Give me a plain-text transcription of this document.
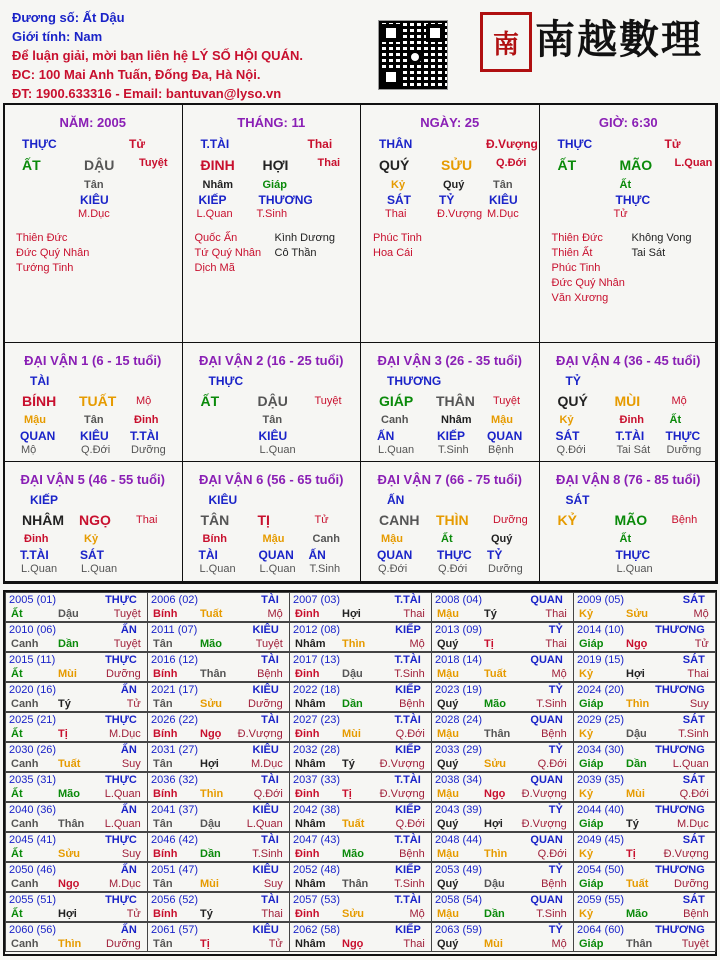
Đương số: Ất Dậu
Giới tính: Nam
Để luận giải, mời bạn liên hệ LÝ SỐ HỘI QUÁN.
ĐC: 100 Mai Anh Tuấn, Đống Đa, Hà Nội.
ĐT: 1900.633316 - Email: bantuvan@lyso.vn
南 南越數理
NĂM: 2005
THỰC	Tử
ẤT	DẬU Tuyệt
Tân
KIÊU
M.Dục
Thiên Đức
Đức Quý Nhân
Tướng Tinh
THÁNG: 11
T.TÀI	Thai
ĐINH HỢI	Thai
Nhâm	Giáp
KIẾP	THƯƠNG
L.Quan T.Sinh
Quốc Ấn
Tứ Quý Nhân
Dịch Mã
Kình Dương
Cô Thần
NGÀY: 25
THÂN	Đ.Vượng
QUÝ SỬU Q.Đới
Kỷ	Quý	Tân
SÁT TỶ	KIÊU
Thai	Đ.Vượng M.Dục
Phúc Tinh
Hoa Cái
GIỜ: 6:30
THỰC	Tử
ẤT	MÃO L.Quan
Ất
THỰC
Tử
Thiên Đức
Thiên Ất
Phúc Tinh
Đức Quý Nhân
Văn Xương
Không Vong
Tai Sát
ĐẠI VẬN 1 (6 - 15 tuổi)
TÀI
BÍNH TUẤT Mộ
Mậu	Tân	Đinh
QUAN KIÊU T.TÀI
Mộ	Q.Đới Dưỡng
ĐẠI VẬN 2 (16 - 25 tuổi)
THỰC
ẤT	DẬU Tuyệt
Tân
KIÊU
L.Quan
ĐẠI VẬN 3 (26 - 35 tuổi)
THƯƠNG
GIÁP THÂN Tuyệt
Canh	Nhâm Mậu
ẤN	KIẾP QUAN
L.Quan T.Sinh Bệnh
ĐẠI VẬN 4 (36 - 45 tuổi)
TỶ
QUÝ MÙI	Mộ
Kỷ	Đinh Ất
SÁT	T.TÀI THỰC
Q.Đới	Tai Sát Dưỡng
ĐẠI VẬN 5 (46 - 55 tuổi)
KIẾP
NHÂM NGỌ Thai
Đinh	Kỷ
T.TÀI	SÁT
L.Quan L.Quan
ĐẠI VẬN 6 (56 - 65 tuổi)
KIÊU
TÂN TỊ	Tử
Bính	Mậu	Canh
TÀI	QUAN ẤN
L.Quan L.Quan T.Sinh
ĐẠI VẬN 7 (66 - 75 tuổi)
ẤN
CANH THÌN Dưỡng
Mậu	Ất	Quý
QUAN THỰC TỶ
Q.Đới	Q.Đới Dưỡng
ĐẠI VẬN 8 (76 - 85 tuổi)
SÁT
KỶ	MÃO Bệnh
Ất
THỰC
L.Quan
2005 (01)	THỰC
Ất	Dậu	Tuyệt
2006 (02)	TÀI
Bính Tuất	Mộ
2007 (03)	T.TÀI
Đinh Hợi	Thai
2008 (04)	QUAN
Mậu Tý	Thai
2009 (05)	SÁT
Kỷ	Sửu	Mộ
2010 (06)	ẤN
Canh Dần	Tuyệt
2011 (07)	KIÊU
Tân Mão	Tuyệt
2012 (08)	KIẾP
Nhâm Thìn	Mộ
2013 (09)	TỶ
Quý Tị	Thai
2014 (10)	THƯƠNG
Giáp Ngọ	Tử
2015 (11)	THỰC
Ất	Mùi	Dưỡng
2016 (12)	TÀI
Bính Thân	Bệnh
2017 (13)	T.TÀI
Đinh Dậu	T.Sinh
2018 (14)	QUAN
Mậu Tuất	Mộ
2019 (15)	SÁT
Kỷ	Hợi	Thai
2020 (16)	ẤN
Canh Tý	Tử
2021 (17)	KIÊU
Tân Sửu Dưỡng
2022 (18)	KIẾP
Nhâm Dần	Bệnh
2023 (19)	TỶ
Quý Mão	T.Sinh
2024 (20)	THƯƠNG
Giáp Thìn	Suy
2025 (21)	THỰC
Ất	Tị	M.Dục
2026 (22)	TÀI
Bính Ngọ Đ.Vượng
2027 (23)	T.TÀI
Đinh Mùi	Q.Đới
2028 (24)	QUAN
Mậu Thân	Bệnh
2029 (25)	SÁT
Kỷ	Dậu	T.Sinh
2030 (26)	ẤN
Canh Tuất	Suy
2031 (27)	KIÊU
Tân Hợi	M.Dục
2032 (28)	KIẾP
Nhâm Tý Đ.Vượng
2033 (29)	TỶ
Quý Sửu	Q.Đới
2034 (30)	THƯƠNG
Giáp Dần L.Quan
2035 (31)	THỰC
Ất	Mão L.Quan
2036 (32)	TÀI
Bính Thìn	Q.Đới
2037 (33)	T.TÀI
Đinh Tị	Đ.Vượng
2038 (34)	QUAN
Mậu Ngọ Đ.Vượng
2039 (35)	SÁT
Kỷ	Mùi	Q.Đới
2040 (36)	ẤN
Canh Thân L.Quan
2041 (37)	KIÊU
Tân Dậu L.Quan
2042 (38)	KIẾP
Nhâm Tuất	Q.Đới
2043 (39)	TỶ
Quý Hợi Đ.Vượng
2044 (40)	THƯƠNG
Giáp Tý	M.Dục
2045 (41)	THỰC
Ất	Sửu	Suy
2046 (42)	TÀI
Bính Dần	T.Sinh
2047 (43)	T.TÀI
Đinh Mão	Bệnh
2048 (44)	QUAN
Mậu Thìn	Q.Đới
2049 (45)	SÁT
Kỷ	Tị	Đ.Vượng
2050 (46)	ẤN
Canh Ngọ	M.Dục
2051 (47)	KIÊU
Tân Mùi	Suy
2052 (48)	KIẾP
Nhâm Thân T.Sinh
2053 (49)	TỶ
Quý Dậu	Bệnh
2054 (50)	THƯƠNG
Giáp Tuất Dưỡng
2055 (51)	THỰC
Ất	Hợi	Tử
2056 (52)	TÀI
Bính Tý	Thai
2057 (53)	T.TÀI
Đinh Sửu	Mộ
2058 (54)	QUAN
Mậu Dần	T.Sinh
2059 (55)	SÁT
Kỷ	Mão	Bệnh
2060 (56)	ẤN
Canh Thìn Dưỡng
2061 (57)	KIÊU
Tân Tị	Tử
2062 (58)	KIẾP
Nhâm Ngọ	Thai
2063 (59)	TỶ
Quý Mùi	Mộ
2064 (60)	THƯƠNG
Giáp Thân	Tuyệt
